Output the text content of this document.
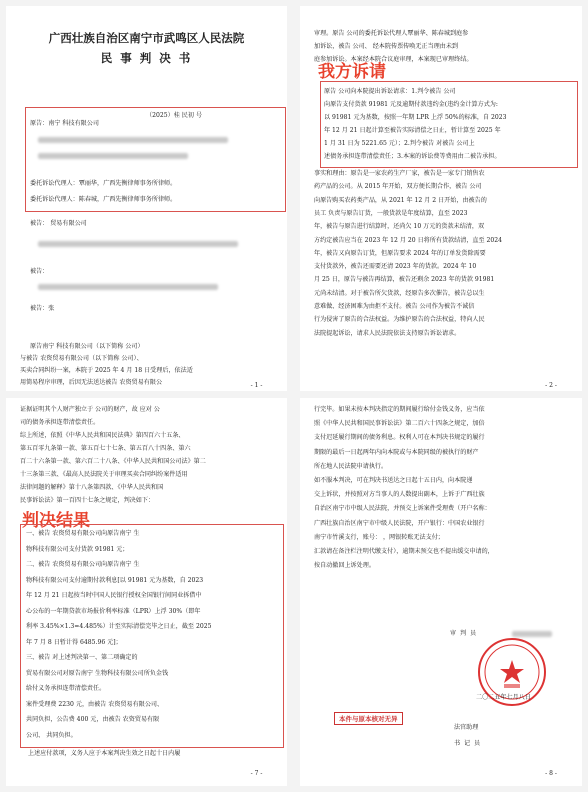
广西壮族自治区南宁市武鸣区人民法院
民 事 判 决 书
（2025）桂 民初 号
原告：南宁 科技有限公司
委托诉讼代理人：覃丽华，广西先衡律师事务所律师。
委托诉讼代理人：陈春城，广西先衡律师事务所律师。
被告： 贸易有限公司
被告：
被告：张
原告南宁 科技有限公司（以下简称 公司）
与被告 农资贸易有限公司（以下简称 公司）、
买卖合同纠纷一案，本院于 2025 年 4 月 18 日受理后，依法适
用简易程序审理，后因无法送达被告 农资贸易有限公	- 1 -
审理。原告 公司的委托诉讼代理人覃丽华、陈春城到庭参
加诉讼，被告 公司、 经本院传票传唤无正当理由未到
庭参加诉讼。本案经本院合议庭审理，本案现已审理终结。
我方诉请
原告 公司向本院提出诉讼请求：1.判令被告 公司
向原告支付货款 91981 元及逾期付款违约金(违约金计算方式为:
以 91981 元为基数，按照一年期 LPR 上浮 50%的标准，自 2023
年 12 月 21 日起计算至被告实际清偿之日止，暂计算至 2025 年
1 月 31 日为 5221.65 元）；2.判令被告 对被告 公司上
述债务承担连带清偿责任；3.本案的诉讼费等费用由二被告承担。
事实和理由：原告是一家农药生产厂家，被告是一家专门销售农
药产品的公司。从 2015 年开始，双方便长期合作，被告 公司
向原告购买农药类产品，从 2021 年 12 月 2 日开始，由被告的
员工 负责与原告订货，一般货款是年度结算，直至 2023
年，被告与原告进行结算时，还尚欠 10 万元的货款未结清，双
方约定被告应当在 2023 年 12 月 20 日将所有货款结清，直至 2024
年，被告又向原告订货，但原告要求 2024 年的订单发货除需要
支付货款外，被告还需要还清 2023 年的货款。2024 年 10
月 25 日，原告与被告再结算，被告还剩余 2023 年的货款 91981
元尚未结清。对于被告所欠货款，经原告多次催告，被告总以生
意难做、经济困难为由拒不支付。被告 公司作为被告不诚信
行为侵害了原告的合法权益。为维护原告的合法权益，特向人民
法院提起诉讼，请求人民法院依法支持原告诉讼请求。
- 2 -
证据证明其个人财产独立于 公司的财产，故 应对 公
司的债务承担连带清偿责任。
综上所述，依照《中华人民共和国民法典》第四百六十五条、
第五百零九条第一款、第五百七十七条、第五百八十四条、第六
百二十六条第一款、第六百二十八条、《中华人民共和国公司法》第二
十三条第三款、《最高人民法院关于审理买卖合同纠纷案件适用
法律问题的解释》第十八条第四款、《中华人民共和国
民事诉讼法》第一百四十七条之规定，判决如下：
判决结果
一、被告 农资贸易有限公司向原告南宁 生
物科技有限公司支付货款 91981 元；
二、被告 农资贸易有限公司向原告南宁 生
物科技有限公司支付逾期付款利息[以 91981 元为基数，自 2023
年 12 月 21 日起按当时中国人民银行授权全国银行间同业拆借中
心公布的一年期贷款市场报价利率标准（LPR）上浮 30%（即年
利率 3.45%×1.3=4.485%）计至实际清偿完毕之日止，截至 2025
年 7 月 8 日暂计得 6485.96 元]；
三、被告 对上述判决第一、第二项确定的
贸易有限公司对原告南宁 生物科技有限公司所负金钱
给付义务承担连带清偿责任。
案件受理费 2230 元，由被告 农资贸易有限公司、
共同负担，公告费 400 元，由被告 农资贸易有限
公司、 共同负担。
上述应付款项，义务人应于本案判决生效之日起十日内履
- 7 -
行完毕。如果未按本判决指定的期间履行给付金钱义务，应当依
照《中华人民共和国民事诉讼法》第二百六十四条之规定，加倍
支付迟延履行期间的债务利息。权利人可在本判决书规定的履行
期限的最后一日起两年内向本院或与本院同级的被执行的财产
所在地人民法院申请执行。
如不服本判决，可在判决书送达之日起十五日内，向本院递
交上诉状，并按照对方当事人的人数提出副本，上诉于广西壮族
自治区南宁市中级人民法院，并预交上诉案件受理费（开户名称：
广西壮族自治区南宁市中级人民法院，开户银行：中国农业银行
南宁市竹溪支行，账号： ，网银转账无法支付；
汇款请在备注栏注明代缴支付），逾期未预交也不提出缓交申请的，
按自动撤回上诉处理。
审 判 员
二〇二五年七月八日
本件与原本核对无异
法官助理
书 记 员
- 8 -
